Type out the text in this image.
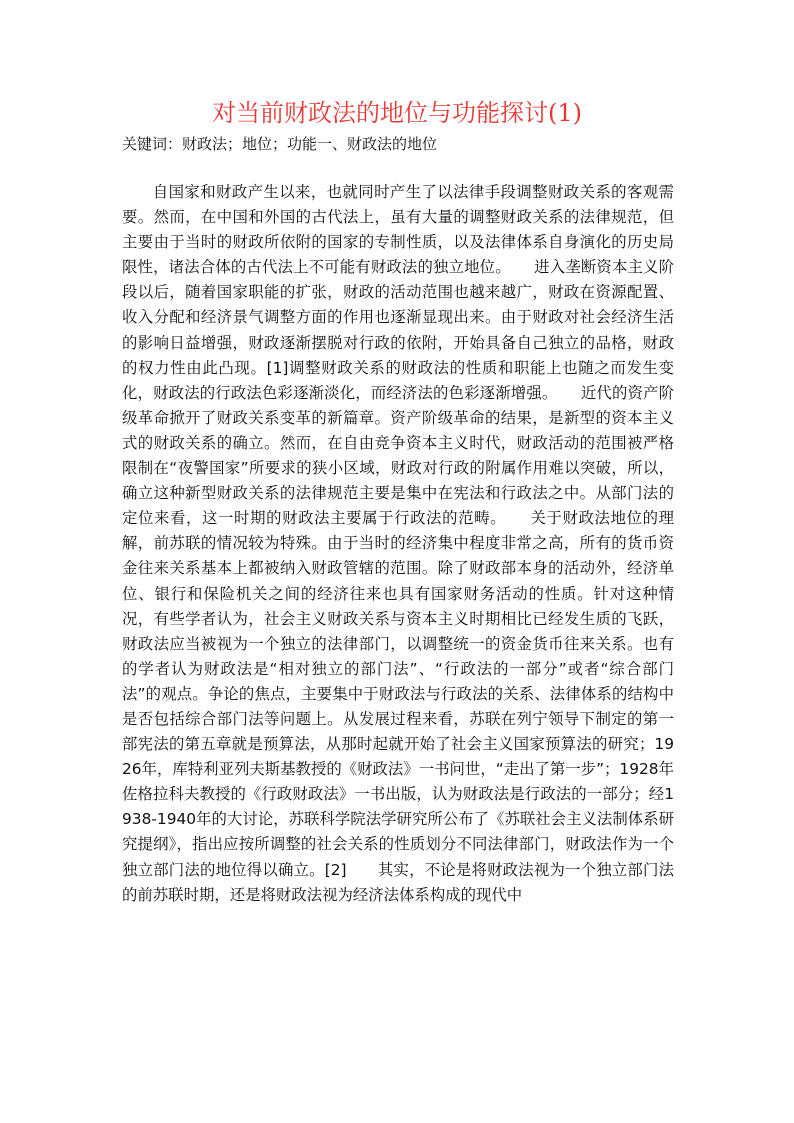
对当前财政法的地位与功能探讨(1)

关键词：财政法；地位；功能一、财政法的地位

自国家和财政产生以来，也就同时产生了以法律手段调整财政关系的客观需要。然而，在中国和外国的古代法上，虽有大量的调整财政关系的法律规范，但主要由于当时的财政所依附的国家的专制性质，以及法律体系自身演化的历史局限性，诸法合体的古代法上不可能有财政法的独立地位。　　进入垄断资本主义阶段以后，随着国家职能的扩张，财政的活动范围也越来越广，财政在资源配置、收入分配和经济景气调整方面的作用也逐渐显现出来。由于财政对社会经济生活的影响日益增强，财政逐渐摆脱对行政的依附，开始具备自己独立的品格，财政的权力性由此凸现。[1]调整财政关系的财政法的性质和职能上也随之而发生变化，财政法的行政法色彩逐渐淡化，而经济法的色彩逐渐增强。　　近代的资产阶级革命掀开了财政关系变革的新篇章。资产阶级革命的结果，是新型的资本主义式的财政关系的确立。然而，在自由竞争资本主义时代，财政活动的范围被严格限制在“夜警国家”所要求的狭小区域，财政对行政的附属作用难以突破，所以，确立这种新型财政关系的法律规范主要是集中在宪法和行政法之中。从部门法的定位来看，这一时期的财政法主要属于行政法的范畴。　　关于财政法地位的理解，前苏联的情况较为特殊。由于当时的经济集中程度非常之高，所有的货币资金往来关系基本上都被纳入财政管辖的范围。除了财政部本身的活动外，经济单位、银行和保险机关之间的经济往来也具有国家财务活动的性质。针对这种情况，有些学者认为，社会主义财政关系与资本主义时期相比已经发生质的飞跃，财政法应当被视为一个独立的法律部门，以调整统一的资金货币往来关系。也有的学者认为财政法是“相对独立的部门法”、“行政法的一部分”或者“综合部门法”的观点。争论的焦点，主要集中于财政法与行政法的关系、法律体系的结构中是否包括综合部门法等问题上。从发展过程来看，苏联在列宁领导下制定的第一部宪法的第五章就是预算法，从那时起就开始了社会主义国家预算法的研究；1926年，库特利亚列夫斯基教授的《财政法》一书问世，“走出了第一步”；1928年佐格拉科夫教授的《行政财政法》一书出版，认为财政法是行政法的一部分；经1938-1940年的大讨论，苏联科学院法学研究所公布了《苏联社会主义法制体系研究提纲》，指出应按所调整的社会关系的性质划分不同法律部门，财政法作为一个独立部门法的地位得以确立。[2]　　其实，不论是将财政法视为一个独立部门法的前苏联时期，还是将财政法视为经济法体系构成的现代中
